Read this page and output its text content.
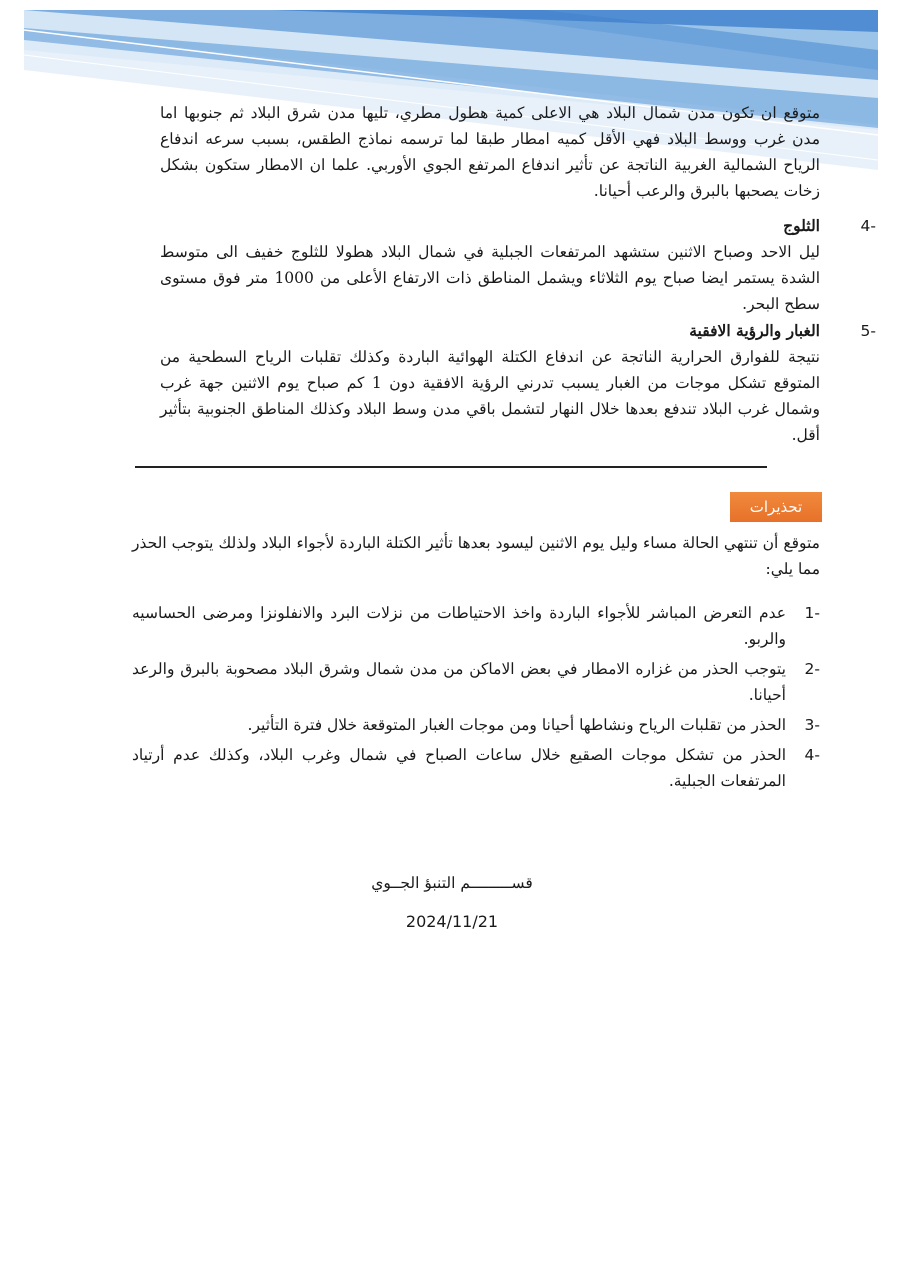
متوقع ان تكون مدن شمال البلاد هي الاعلى كمية هطول مطري، تليها مدن شرق البلاد ثم جنوبها اما مدن غرب ووسط البلاد فهي الأقل كميه امطار طبقا لما ترسمه نماذج الطقس، بسبب سرعه اندفاع الرياح الشمالية الغربية الناتجة عن تأثير اندفاع المرتفع الجوي الأوربي. علما ان الامطار ستكون بشكل زخات يصحبها بالبرق والرعب أحيانا.

-4
الثلوج

ليل الاحد وصباح الاثنين ستشهد المرتفعات الجبلية في شمال البلاد هطولا للثلوج خفيف الى متوسط الشدة يستمر ايضا صباح يوم الثلاثاء ويشمل المناطق ذات الارتفاع الأعلى من 1000 متر فوق مستوى سطح البحر.

-5
الغبار والرؤية الافقية

نتيجة للفوارق الحرارية الناتجة عن اندفاع الكتلة الهوائية الباردة وكذلك تقلبات الرياح السطحية من المتوقع تشكل موجات من الغبار يسبب تدرني الرؤية الافقية دون 1 كم صباح يوم الاثنين جهة غرب وشمال غرب البلاد تندفع بعدها خلال النهار لتشمل باقي مدن وسط البلاد وكذلك المناطق الجنوبية بتأثير أقل.

تحذيرات

متوقع أن تنتهي الحالة مساء وليل يوم الاثنين ليسود بعدها تأثير الكتلة الباردة لأجواء البلاد ولذلك يتوجب الحذر مما يلي:

-1
عدم التعرض المباشر للأجواء الباردة واخذ الاحتياطات من نزلات البرد والانفلونزا ومرضى الحساسيه والربو.
-2
يتوجب الحذر من غزاره الامطار في بعض الاماكن من مدن شمال وشرق البلاد مصحوبة بالبرق والرعد أحيانا.
-3
الحذر من تقلبات الرياح ونشاطها أحيانا ومن موجات الغبار المتوقعة خلال فترة التأثير.
-4
الحذر من تشكل موجات الصقيع خلال ساعات الصباح في شمال وغرب البلاد، وكذلك عدم أرتياد المرتفعات الجبلية.
قســـــــــم التنبؤ الجــوي
2024/11/21
